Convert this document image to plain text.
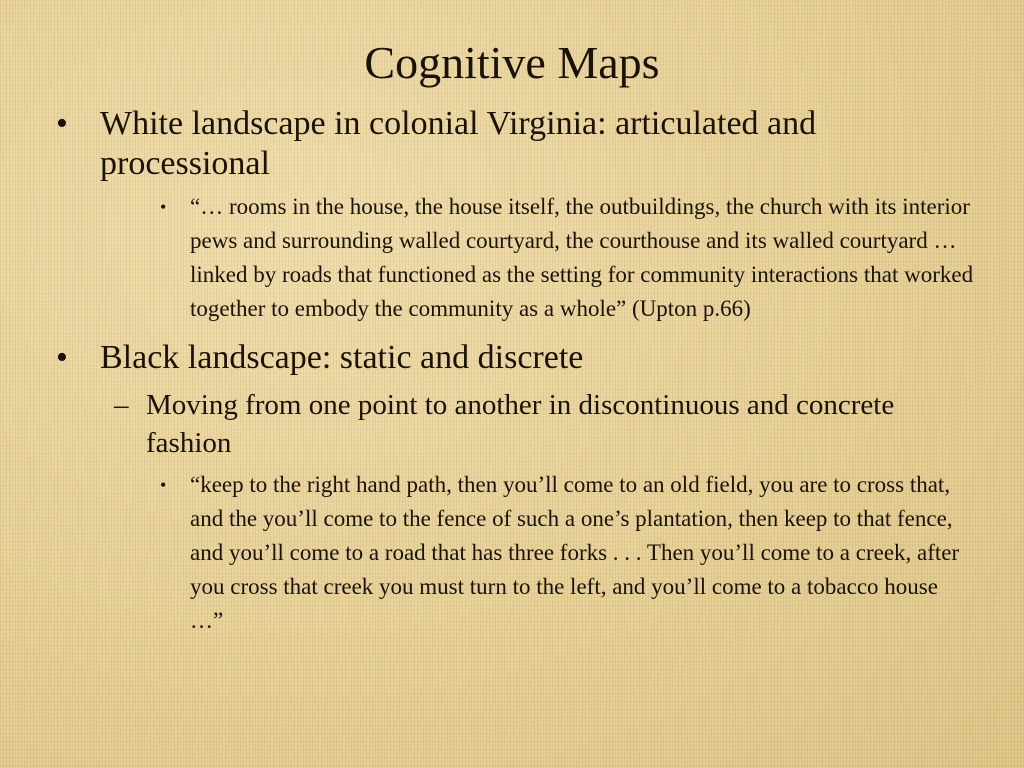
Cognitive Maps
• White landscape in colonial Virginia: articulated and processional
• “… rooms in the house, the house itself, the outbuildings, the church with its interior pews and surrounding walled courtyard, the courthouse and its walled courtyard … linked by roads that functioned as the setting for community interactions that worked together to embody the community as a whole” (Upton p.66)
• Black landscape: static and discrete
– Moving from one point to another in discontinuous and concrete fashion
• “keep to the right hand path, then you’ll come to an old field, you are to cross that, and the you’ll come to the fence of such a one’s plantation, then keep to that fence, and you’ll come to a road that has three forks . . . Then you’ll come to a creek, after you cross that creek you must turn to the left, and you’ll come to a tobacco house …”
